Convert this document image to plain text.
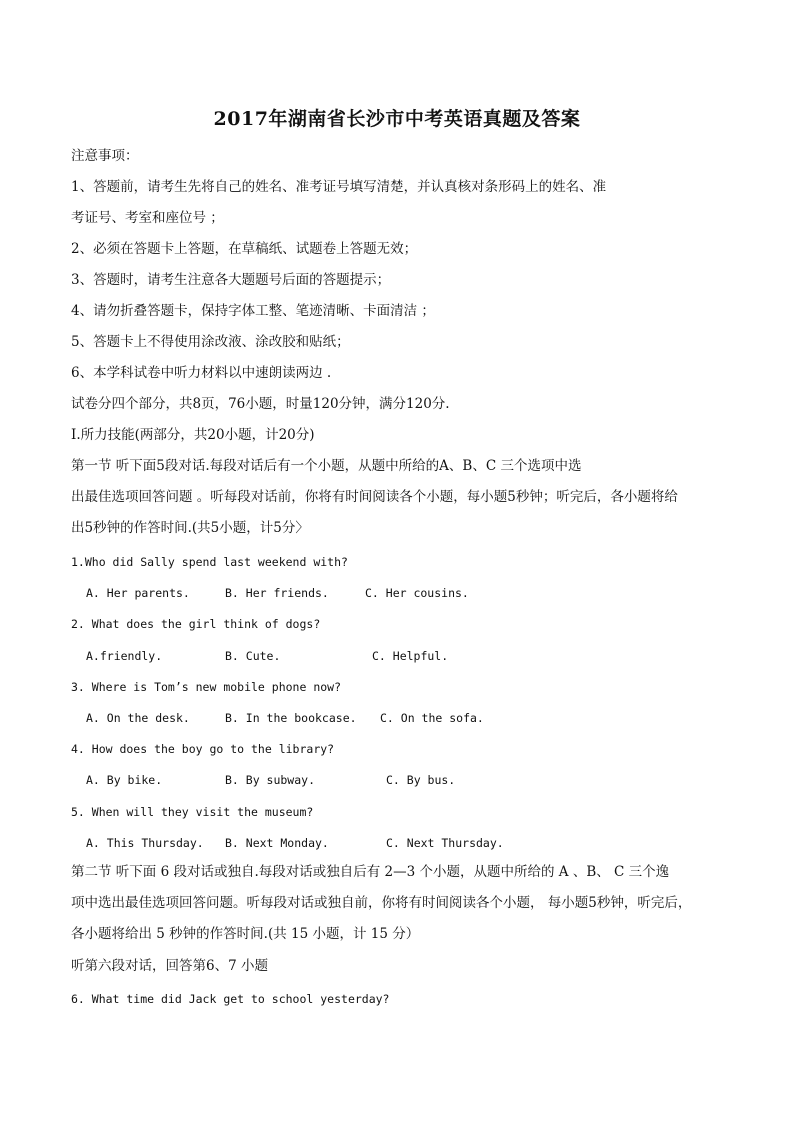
2017年湖南省长沙市中考英语真题及答案
注意事项：
1、答题前，请考生先将自己的姓名、准考证号填写清楚，并认真核对条形码上的姓名、准
考证号、考室和座位号 ；
2、必须在答题卡上答题，在草稿纸、试题卷上答题无效；
3、答题时，请考生注意各大题题号后面的答题提示；
4、请勿折叠答题卡，保持字体工整、笔迹清晰、卡面清洁 ；
5、答题卡上不得使用涂改液、涂改胶和贴纸；
6、本学科试卷中听力材料以中速朗读两边 .
试卷分四个部分，共8页，76小题，时量120分钟，满分120分.
Ⅰ.所力技能(两部分，共20小题，计20分)
第一节 听下面5段对话.每段对话后有一个小题，从题中所给的A、B、C 三个选项中选
出最佳选项回答问题 。听每段对话前，你将有时间阅读各个小题，每小题5秒钟；听完后，各小题将给
出5秒钟的作答时间.(共5小题，计5分〉
1.Who did Sally spend last weekend with?
A. Her parents.	B. Her friends.	C. Her cousins.
2. What does the girl think of dogs?
A.friendly.	B. Cute.	C. Helpful.
3. Where is Tom’s new mobile phone now?
A. On the desk.	B. In the bookcase. C. On the sofa.
4. How does the boy go to the library?
A. By bike.	B. By subway.	C. By bus.
5. When will they visit the museum?
A. This Thursday. B. Next Monday.	C. Next Thursday.
第二节 听下面 6 段对话或独自.每段对话或独自后有 2—3 个小题，从题中所给的 A 、B、 C 三个逸
项中选出最佳选项回答问题。听每段对话或独自前，你将有时间阅读各个小题， 每小题5秒钟，听完后，
各小题将给出 5 秒钟的作答时间.(共 15 小题，计 15 分）
听第六段对话，回答第6、7 小题
6. What time did Jack get to school yesterday?
